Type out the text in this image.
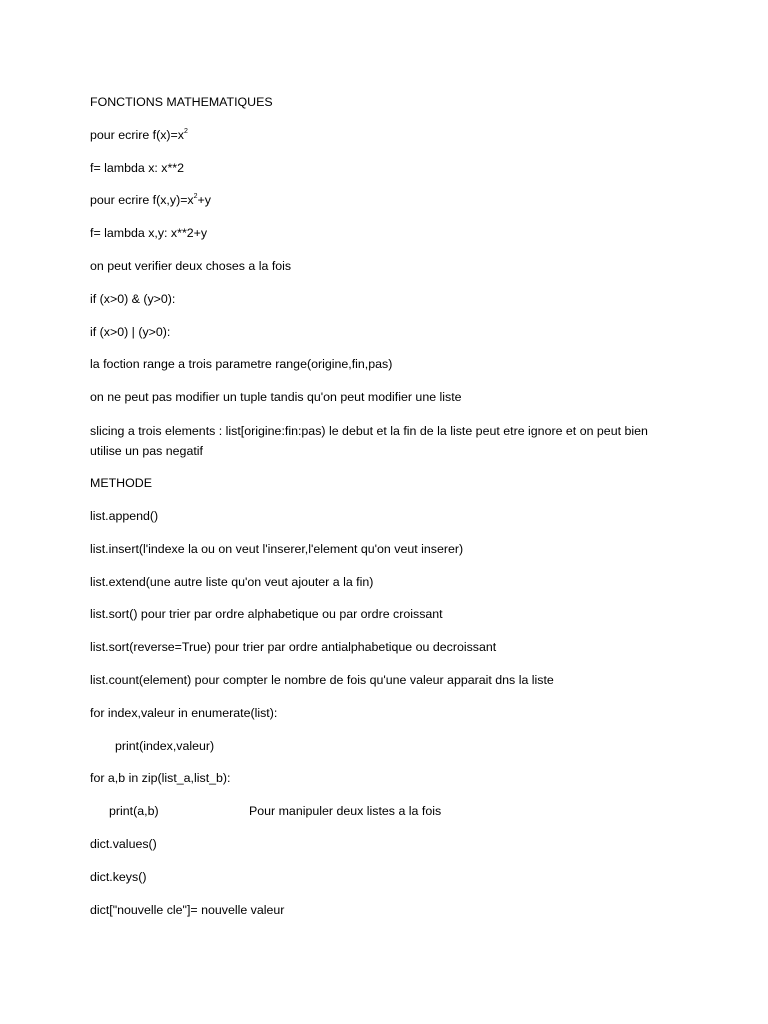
FONCTIONS MATHEMATIQUES
pour ecrire $f(x)=x^2$
f= lambda x: x**2
pour ecrire $f(x,y)=x^2+y$
f= lambda x,y: x**2+y
on peut verifier deux choses a la fois
if (x>0) & (y>0):
if (x>0) | (y>0):
la foction range a trois parametre range(origine,fin,pas)
on ne peut pas modifier un tuple tandis qu'on peut modifier une liste
slicing a trois elements : list[origine:fin:pas) le debut et la fin de la liste peut etre ignore et on peut bien utilise un pas negatif
METHODE
list.append()
list.insert(l'indexe la ou on veut l'inserer,l'element qu'on veut inserer)
list.extend(une autre liste qu'on veut ajouter a la fin)
list.sort() pour trier par ordre alphabetique ou par ordre croissant
list.sort(reverse=True) pour trier par ordre antialphabetique ou decroissant
list.count(element) pour compter le nombre de fois qu'une valeur apparait dns la liste
for index,valeur in enumerate(list):
print(index,valeur)
for a,b in zip(list_a,list_b):
print(a,b)	Pour manipuler deux listes a la fois
dict.values()
dict.keys()
dict["nouvelle cle"]= nouvelle valeur
